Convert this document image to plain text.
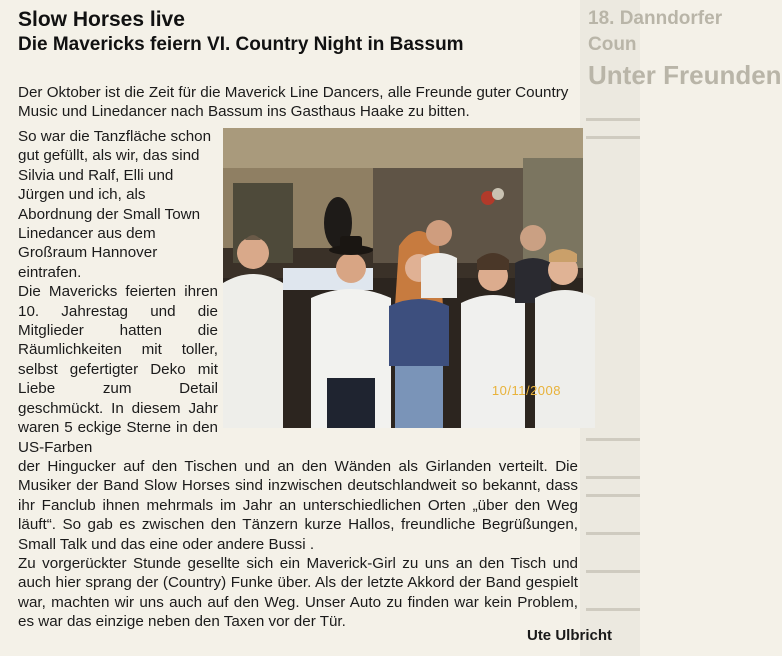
18. Danndorfer
Coun
Unter Freunden
Slow Horses live
Die Mavericks feiern VI. Country Night in Bassum
Der Oktober ist die Zeit für die Maverick Line Dancers, alle Freunde guter Country Music und Linedancer nach Bassum ins Gasthaus Haake zu bitten.

So war die Tanzfläche schon gut gefüllt, als wir, das sind Silvia und Ralf, Elli und Jürgen und ich, als Abordnung der Small Town Linedancer aus dem Großraum Hannover eintrafen.

Die Mavericks feierten ihren 10. Jahrestag und die Mitglieder hatten die Räumlichkeiten mit toller, selbst gefertigter Deko mit Liebe zum Detail geschmückt. In diesem Jahr waren 5 eckige Sterne in den US-Farben

10/11/2008

der Hingucker auf den Tischen und an den Wänden als Girlanden verteilt. Die Musiker der Band Slow Horses sind inzwischen deutschlandweit so bekannt, dass ihr Fanclub ihnen mehrmals im Jahr an unterschiedlichen Orten „über den Weg läuft“. So gab es zwischen den Tänzern kurze Hallos, freundliche Begrüßungen, Small Talk und das eine oder andere Bussi .

Zu vorgerückter Stunde gesellte sich ein Maverick-Girl zu uns an den Tisch und auch hier sprang der (Country) Funke über. Als der letzte Akkord der Band gespielt war, machten wir uns auch auf den Weg. Unser Auto zu finden war kein Problem, es war das einzige neben den Taxen vor der Tür.

Ute Ulbricht
